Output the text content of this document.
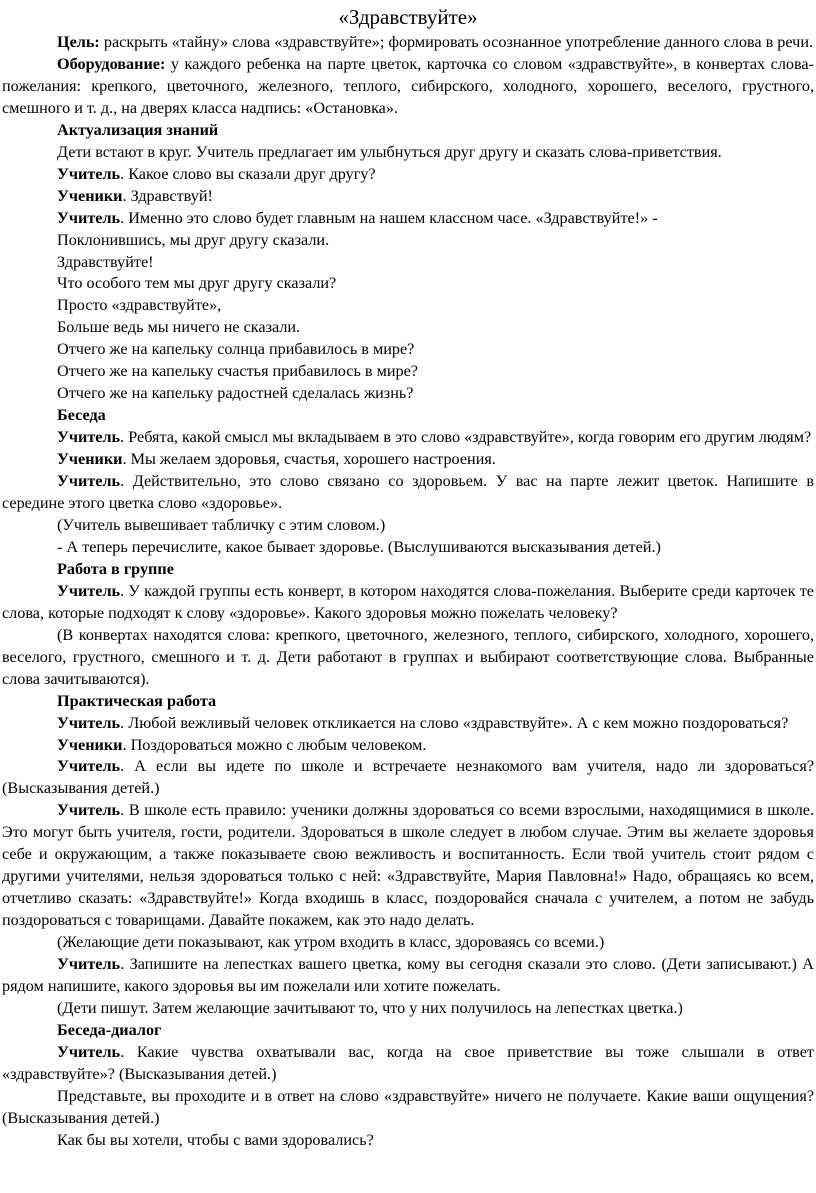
«Здравствуйте»

Цель: раскрыть «тайну» слова «здравствуйте»; формировать осознанное употребление данного слова в речи.

Оборудование: у каждого ребенка на парте цветок, карточка со словом «здравствуйте», в конвертах слова-пожелания: крепкого, цветочного, железного, теплого, сибирского, холодного, хорошего, веселого, грустного, смешного и т. д., на дверях класса надпись: «Остановка».

Актуализация знаний

Дети встают в круг. Учитель предлагает им улыбнуться друг другу и сказать слова-приветствия.

Учитель. Какое слово вы сказали друг другу?

Ученики. Здравствуй!

Учитель. Именно это слово будет главным на нашем классном часе. «Здравствуйте!» -

Поклонившись, мы друг другу сказали.

Здравствуйте!

Что особого тем мы друг другу сказали?

Просто «здравствуйте»,

Больше ведь мы ничего не сказали.

Отчего же на капельку солнца прибавилось в мире?

Отчего же на капельку счастья прибавилось в мире?

Отчего же на капельку радостней сделалась жизнь?

Беседа

Учитель. Ребята, какой смысл мы вкладываем в это слово «здравствуйте», когда говорим его другим людям?

Ученики. Мы желаем здоровья, счастья, хорошего настроения.

Учитель. Действительно, это слово связано со здоровьем. У вас на парте лежит цветок. Напишите в середине этого цветка слово «здоровье».

(Учитель вывешивает табличку с этим словом.)

- А теперь перечислите, какое бывает здоровье. (Выслушиваются высказывания детей.)

Работа в группе

Учитель. У каждой группы есть конверт, в котором находятся слова-пожелания. Выберите среди карточек те слова, которые подходят к слову «здоровье». Какого здоровья можно пожелать человеку?

(В конвертах находятся слова: крепкого, цветочного, железного, теплого, сибирского, холодного, хорошего, веселого, грустного, смешного и т. д. Дети работают в группах и выбирают соответствующие слова. Выбранные слова зачитываются).

Практическая работа

Учитель. Любой вежливый человек откликается на слово «здравствуйте». А с кем можно поздороваться?

Ученики. Поздороваться можно с любым человеком.

Учитель. А если вы идете по школе и встречаете незнакомого вам учителя, надо ли здороваться? (Высказывания детей.)

Учитель. В школе есть правило: ученики должны здороваться со всеми взрослыми, находящимися в школе. Это могут быть учителя, гости, родители. Здороваться в школе следует в любом случае. Этим вы желаете здоровья себе и окружающим, а также показываете свою вежливость и воспитанность. Если твой учитель стоит рядом с другими учителями, нельзя здороваться только с ней: «Здравствуйте, Мария Павловна!» Надо, обращаясь ко всем, отчетливо сказать: «Здравствуйте!» Когда входишь в класс, поздоровайся сначала с учителем, а потом не забудь поздороваться с товарищами. Давайте покажем, как это надо делать.

(Желающие дети показывают, как утром входить в класс, здороваясь со всеми.)

Учитель. Запишите на лепестках вашего цветка, кому вы сегодня сказали это слово. (Дети записывают.) А рядом напишите, какого здоровья вы им пожелали или хотите пожелать.

(Дети пишут. Затем желающие зачитывают то, что у них получилось на лепестках цветка.)

Беседа-диалог

Учитель. Какие чувства охватывали вас, когда на свое приветствие вы тоже слышали в ответ «здравствуйте»? (Высказывания детей.)

Представьте, вы проходите и в ответ на слово «здравствуйте» ничего не получаете. Какие ваши ощущения? (Высказывания детей.)

Как бы вы хотели, чтобы с вами здоровались?
